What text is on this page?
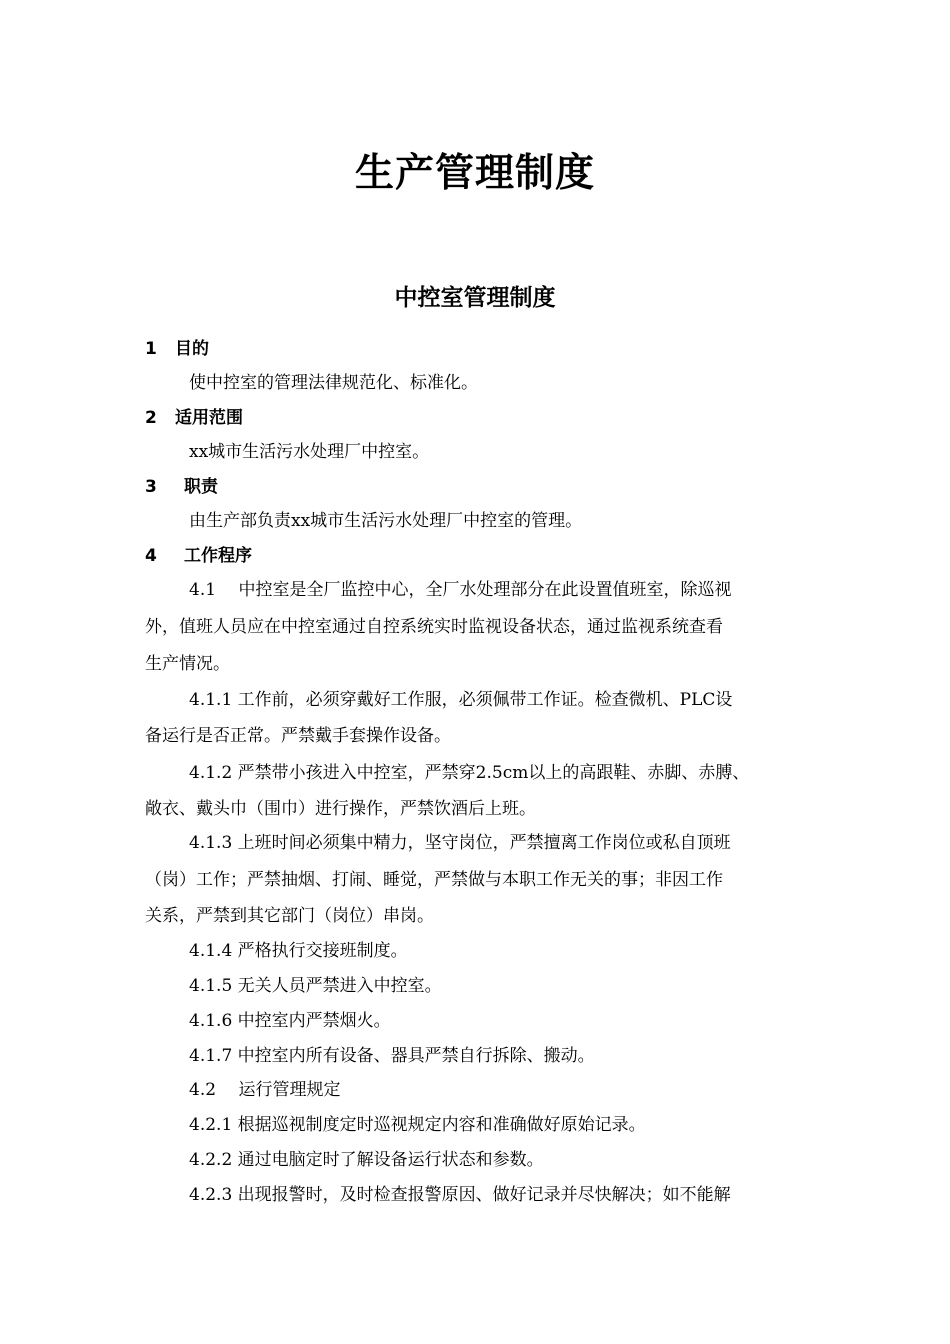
生产管理制度
中控室管理制度
1 目的
使中控室的管理法律规范化、标准化。
2 适用范围
xx城市生活污水处理厂中控室。
3 职责
由生产部负责xx城市生活污水处理厂中控室的管理。
4 工作程序
4.1　 中控室是全厂监控中心，全厂水处理部分在此设置值班室，除巡视
外，值班人员应在中控室通过自控系统实时监视设备状态，通过监视系统查看
生产情况。
4.1.1 工作前，必须穿戴好工作服，必须佩带工作证。检查微机、PLC设
备运行是否正常。严禁戴手套操作设备。
4.1.2 严禁带小孩进入中控室，严禁穿2.5cm以上的高跟鞋、赤脚、赤膊、
敞衣、戴头巾（围巾）进行操作，严禁饮酒后上班。
4.1.3 上班时间必须集中精力，坚守岗位，严禁擅离工作岗位或私自顶班
（岗）工作；严禁抽烟、打闹、睡觉，严禁做与本职工作无关的事；非因工作
关系，严禁到其它部门（岗位）串岗。
4.1.4 严格执行交接班制度。
4.1.5 无关人员严禁进入中控室。
4.1.6 中控室内严禁烟火。
4.1.7 中控室内所有设备、器具严禁自行拆除、搬动。
4.2　 运行管理规定
4.2.1 根据巡视制度定时巡视规定内容和准确做好原始记录。
4.2.2 通过电脑定时了解设备运行状态和参数。
4.2.3 出现报警时，及时检查报警原因、做好记录并尽快解决；如不能解
